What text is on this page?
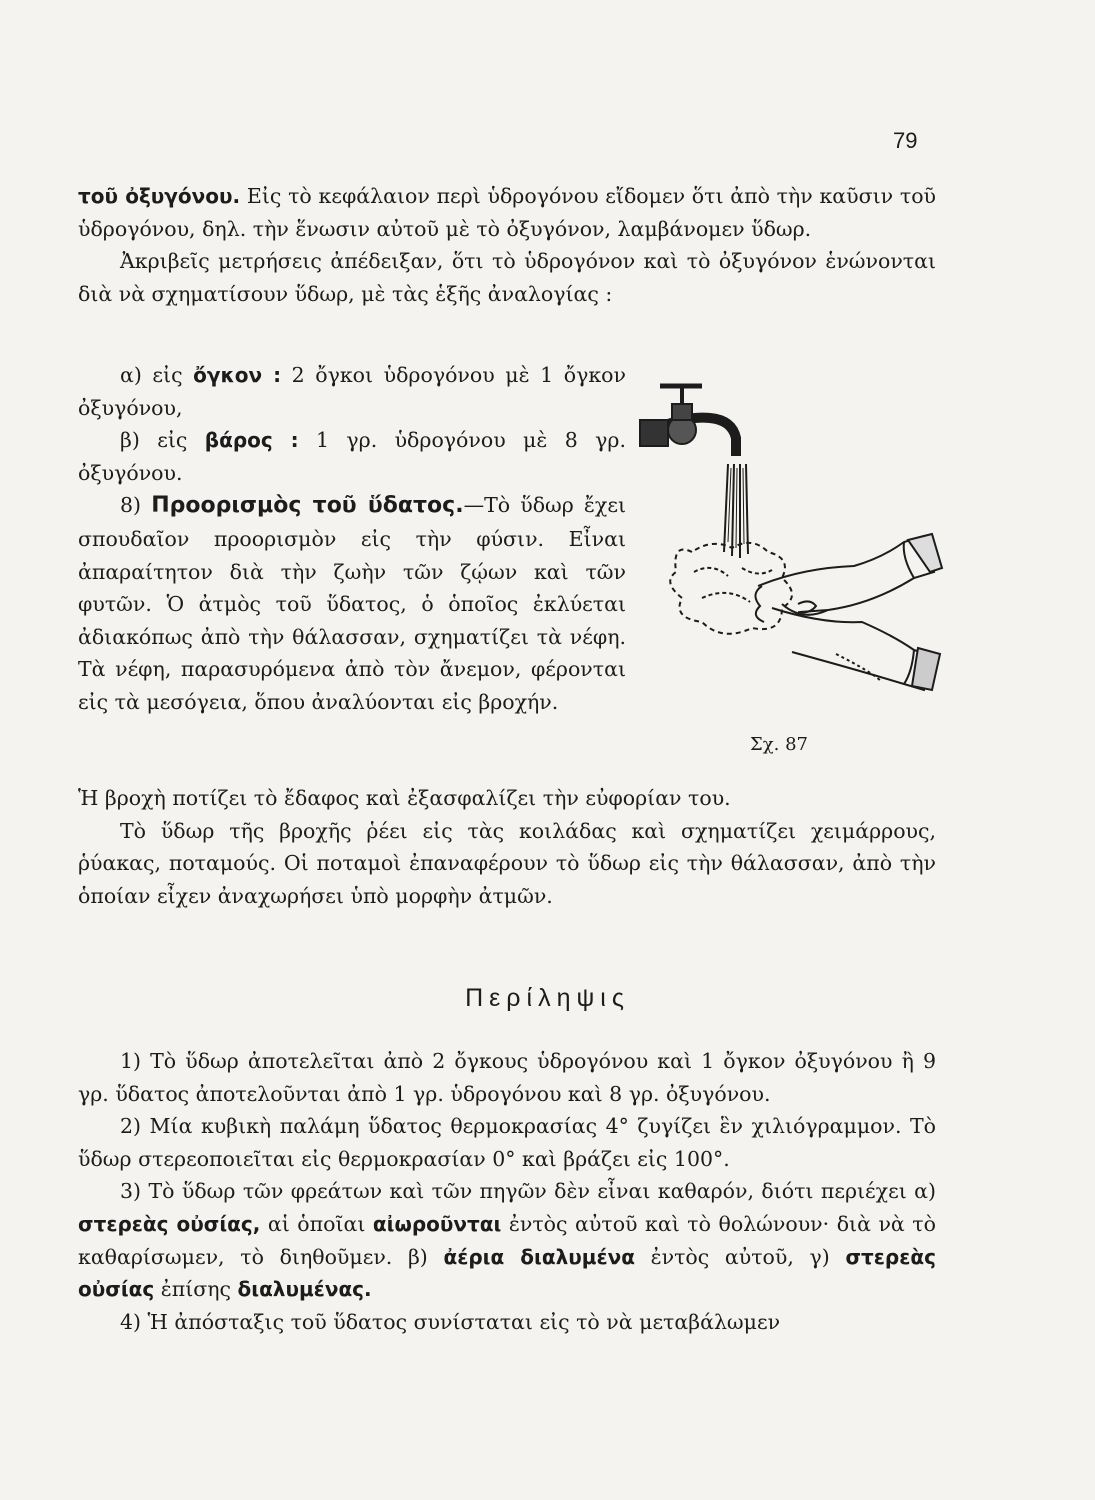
79

τοῦ ὀξυγόνου. Εἰς τὸ κεφάλαιον περὶ ὑδρογόνου εἴδομεν ὅτι ἀπὸ τὴν καῦσιν τοῦ ὑδρογόνου, δηλ. τὴν ἕνωσιν αὐτοῦ μὲ τὸ ὀξυγόνον, λαμβάνομεν ὕδωρ.

Ἀκριβεῖς μετρήσεις ἀπέδειξαν, ὅτι τὸ ὑδρογόνον καὶ τὸ ὀξυγόνον ἑνώνονται διὰ νὰ σχηματίσουν ὕδωρ, μὲ τὰς ἑξῆς ἀναλογίας :

α) εἰς ὄγκον : 2 ὄγκοι ὑδρογόνου μὲ 1 ὄγκον ὀξυγόνου,

β) εἰς βάρος : 1 γρ. ὑδρογόνου μὲ 8 γρ. ὀξυγόνου.

8) Προορισμὸς τοῦ ὕδατος.—Τὸ ὕδωρ ἔχει σπουδαῖον προορισμὸν εἰς τὴν φύσιν. Εἶναι ἀπαραίτητον διὰ τὴν ζωὴν τῶν ζῴων καὶ τῶν φυτῶν. Ὁ ἀτμὸς τοῦ ὕδατος, ὁ ὁποῖος ἐκλύεται ἀδιακόπως ἀπὸ τὴν θάλασσαν, σχηματίζει τὰ νέφη. Τὰ νέφη, παρασυρόμενα ἀπὸ τὸν ἄνεμον, φέρονται εἰς τὰ μεσόγεια, ὅπου ἀναλύονται εἰς βροχήν.

Σχ. 87

Ἡ βροχὴ ποτίζει τὸ ἔδαφος καὶ ἐξασφαλίζει τὴν εὐφορίαν του.

Τὸ ὕδωρ τῆς βροχῆς ῥέει εἰς τὰς κοιλάδας καὶ σχηματίζει χειμάρρους, ῥύακας, ποταμούς. Οἱ ποταμοὶ ἐπαναφέρουν τὸ ὕδωρ εἰς τὴν θάλασσαν, ἀπὸ τὴν ὁποίαν εἶχεν ἀναχωρήσει ὑπὸ μορφὴν ἀτμῶν.

Περίληψις

1) Τὸ ὕδωρ ἀποτελεῖται ἀπὸ 2 ὄγκους ὑδρογόνου καὶ 1 ὄγκον ὀξυγόνου ἢ 9 γρ. ὕδατος ἀποτελοῦνται ἀπὸ 1 γρ. ὑδρογόνου καὶ 8 γρ. ὀξυγόνου.

2) Μία κυβικὴ παλάμη ὕδατος θερμοκρασίας 4° ζυγίζει ἓν χιλιόγραμμον. Τὸ ὕδωρ στερεοποιεῖται εἰς θερμοκρασίαν 0° καὶ βράζει εἰς 100°.

3) Τὸ ὕδωρ τῶν φρεάτων καὶ τῶν πηγῶν δὲν εἶναι καθαρόν, διότι περιέχει α) στερεὰς οὐσίας, αἱ ὁποῖαι αἰωροῦνται ἐντὸς αὐτοῦ καὶ τὸ θολώνουν· διὰ νὰ τὸ καθαρίσωμεν, τὸ διηθοῦμεν. β) ἀέρια διαλυμένα ἐντὸς αὐτοῦ, γ) στερεὰς οὐσίας ἐπίσης διαλυμένας.

4) Ἡ ἀπόσταξις τοῦ ὕδατος συνίσταται εἰς τὸ νὰ μεταβάλωμεν
